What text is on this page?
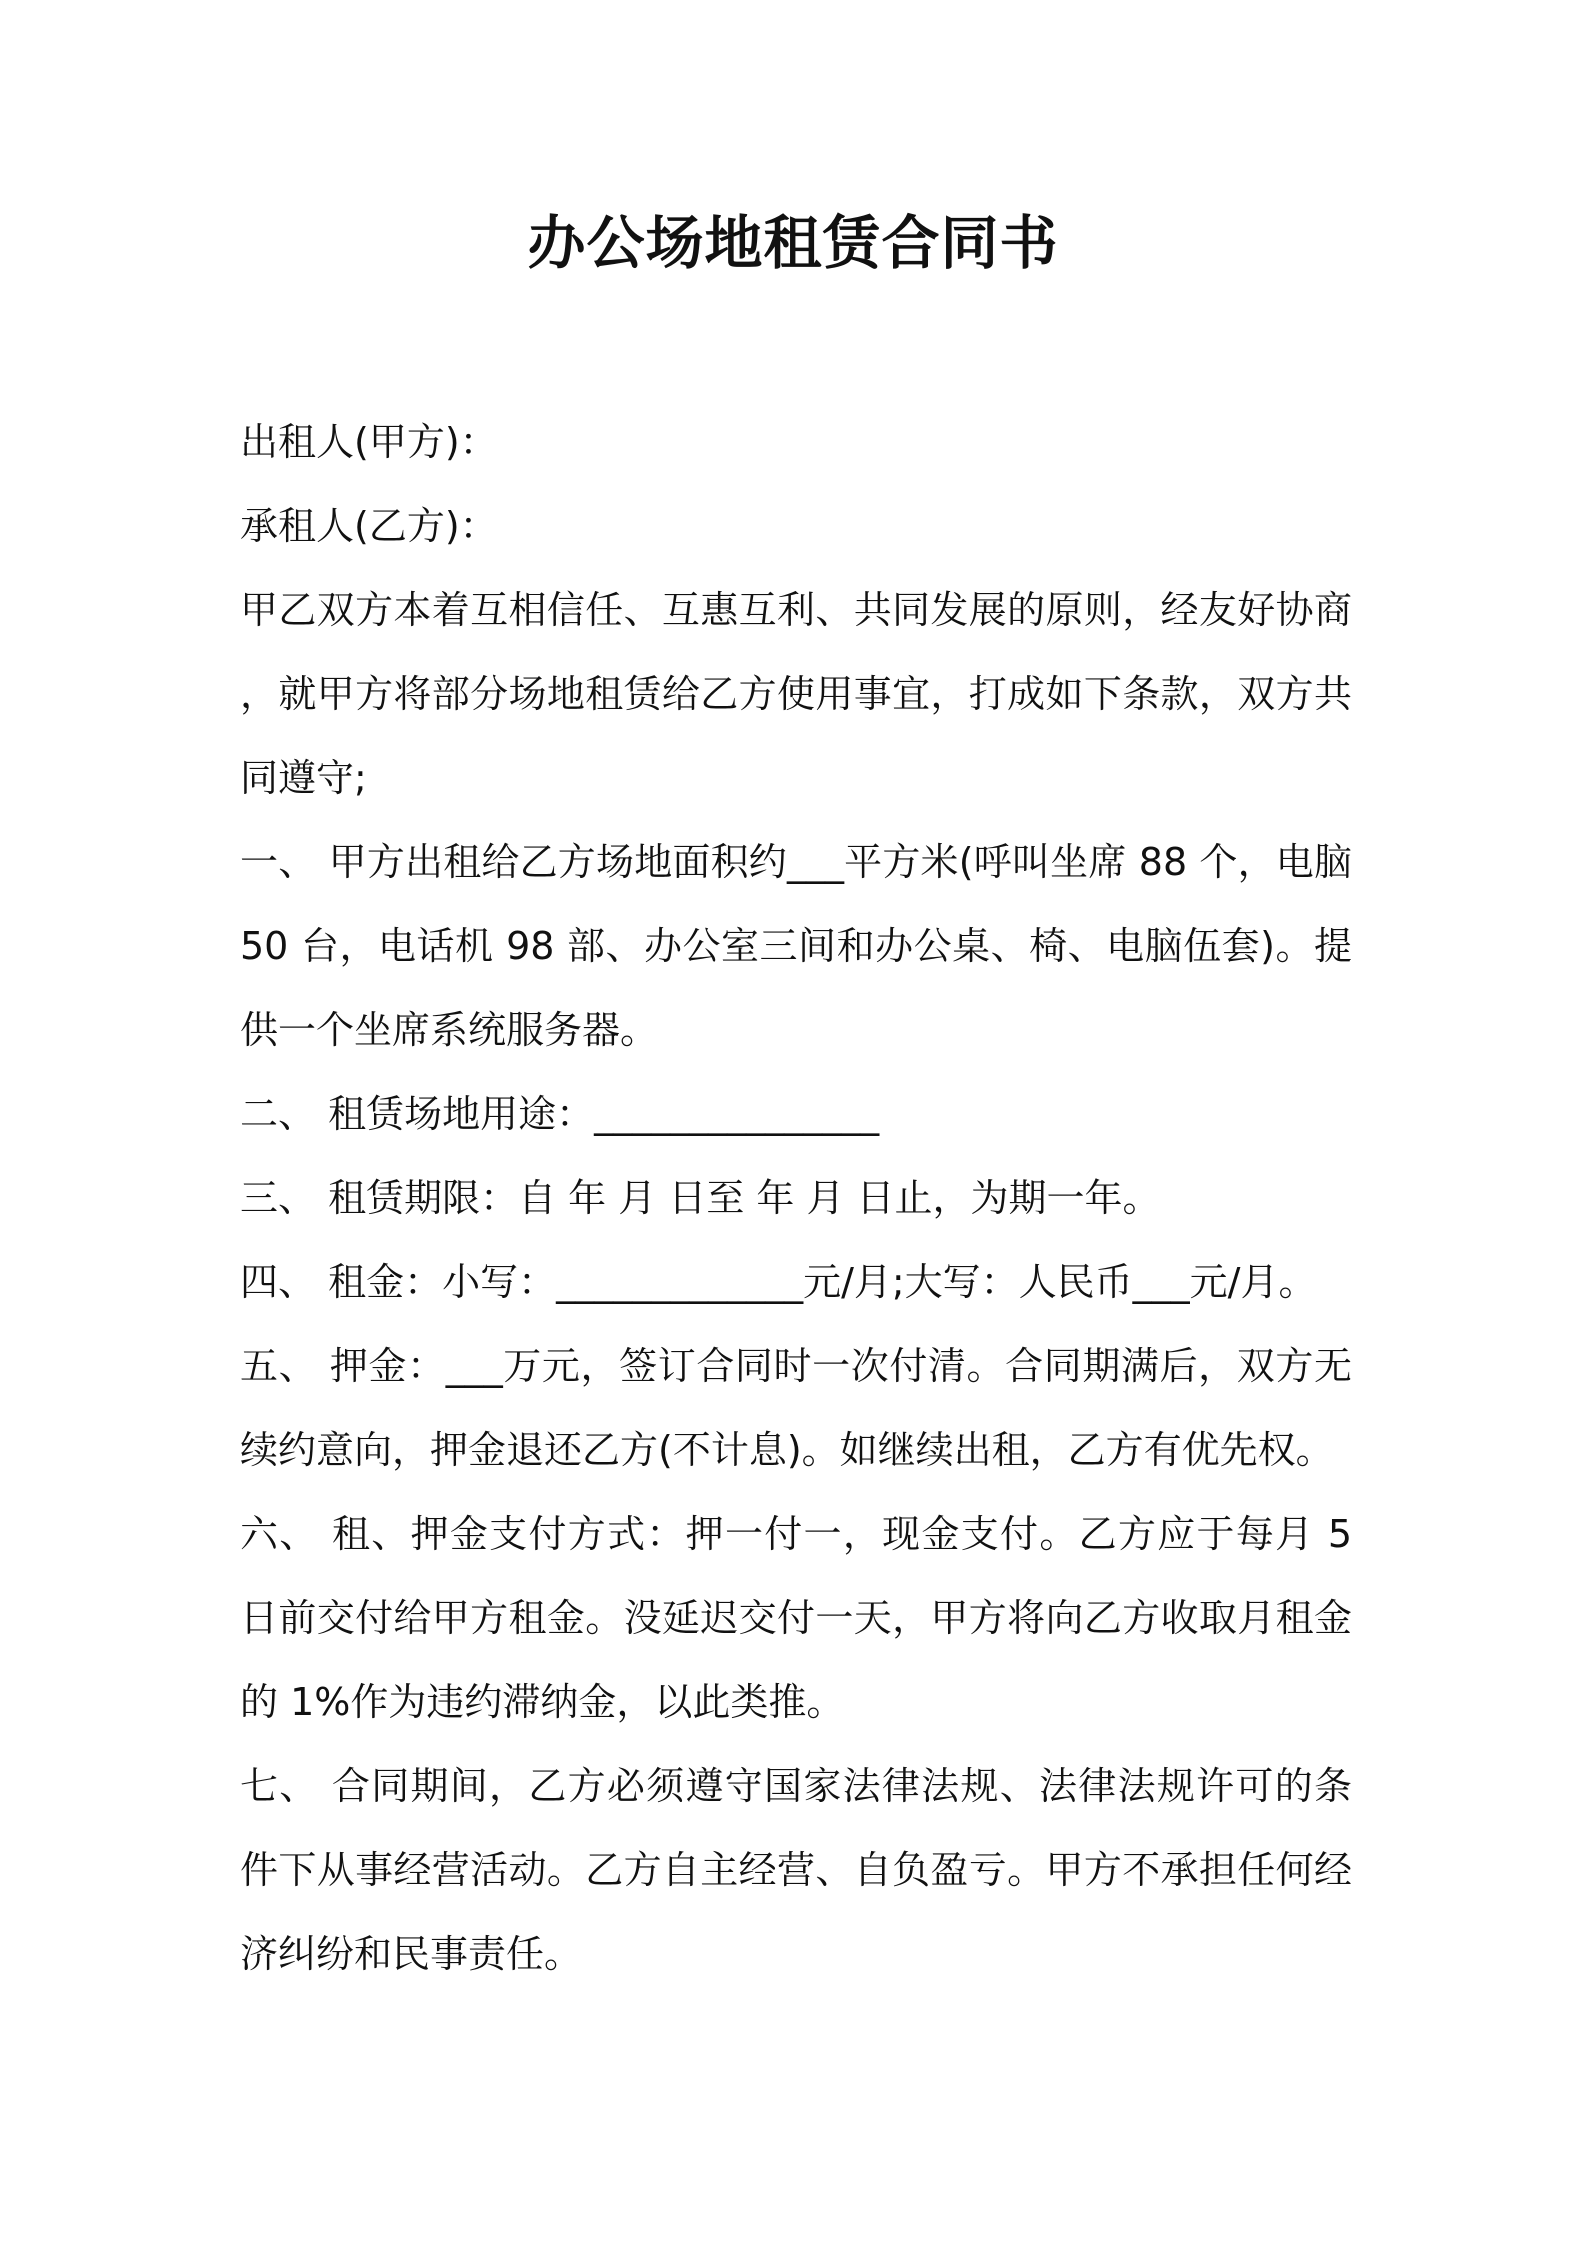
办公场地租赁合同书

出租人(甲方)：

承租人(乙方)：

甲乙双方本着互相信任、互惠互利、共同发展的原则，经友好协商，就甲方将部分场地租赁给乙方使用事宜，打成如下条款，双方共同遵守;

一、 甲方出租给乙方场地面积约___平方米(呼叫坐席 88 个，电脑 50 台，电话机 98 部、办公室三间和办公桌、椅、电脑伍套)。提供一个坐席系统服务器。

二、 租赁场地用途：_______________

三、 租赁期限：自 年 月 日至 年 月 日止，为期一年。

四、 租金：小写：_____________元/月;大写：人民币___元/月。

五、 押金：___万元，签订合同时一次付清。合同期满后，双方无续约意向，押金退还乙方(不计息)。如继续出租，乙方有优先权。

六、 租、押金支付方式：押一付一，现金支付。乙方应于每月 5 日前交付给甲方租金。没延迟交付一天，甲方将向乙方收取月租金的 1%作为违约滞纳金，以此类推。

七、 合同期间，乙方必须遵守国家法律法规、法律法规许可的条件下从事经营活动。乙方自主经营、自负盈亏。甲方不承担任何经济纠纷和民事责任。
